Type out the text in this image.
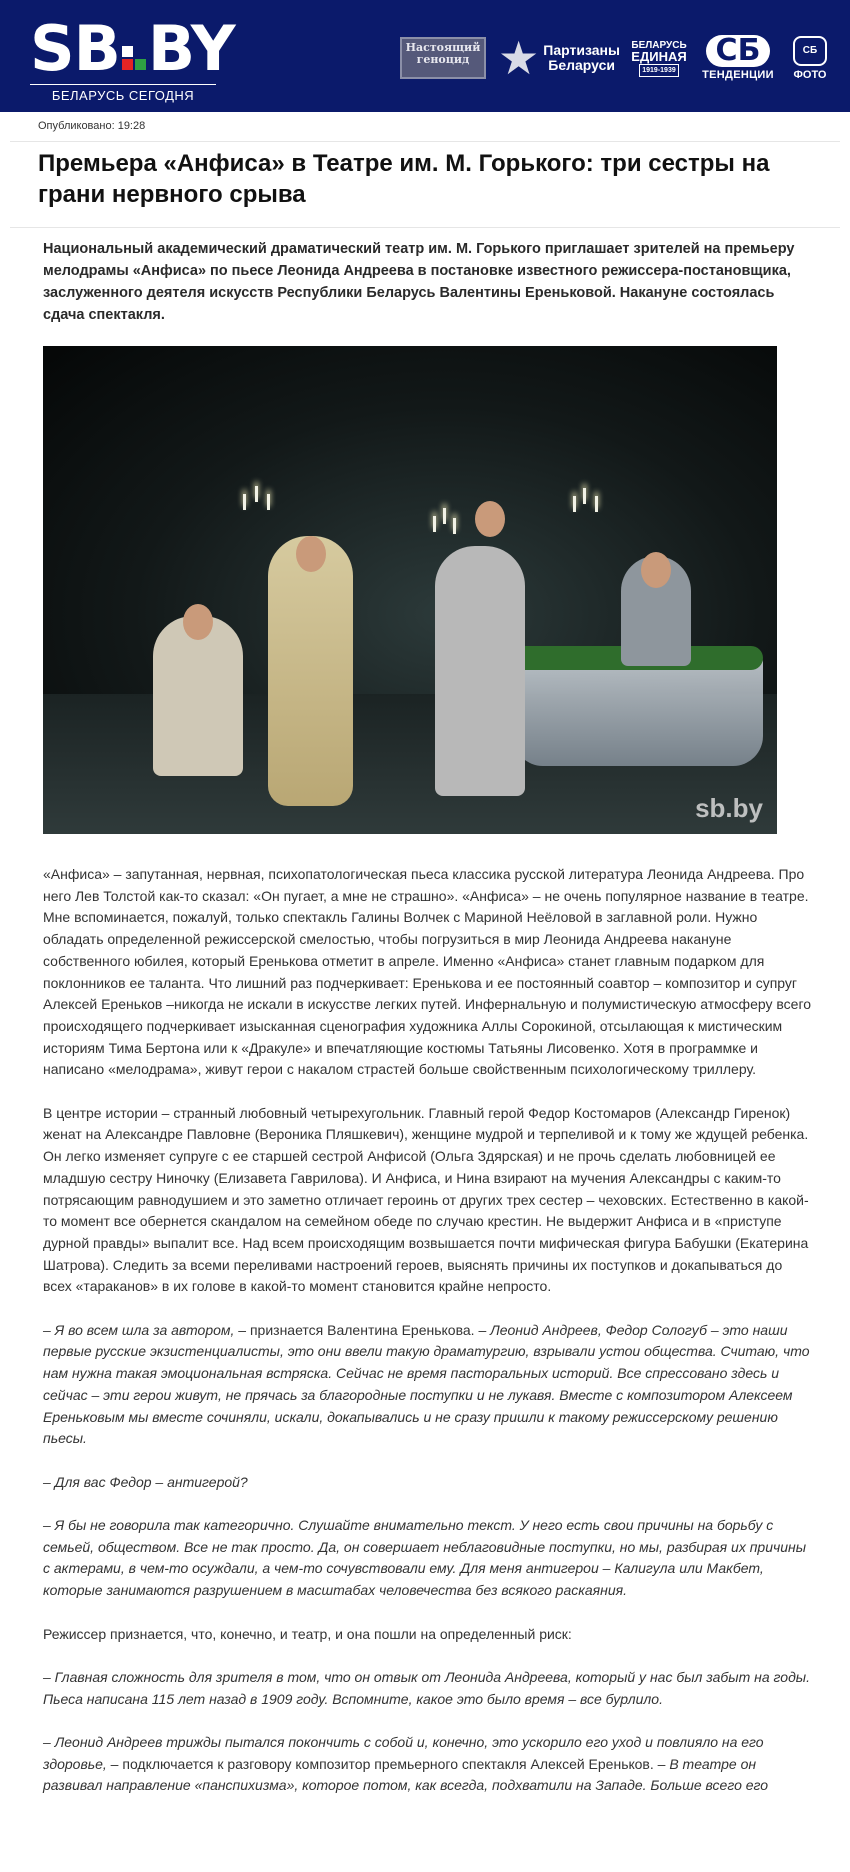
SB BY
БЕЛАРУСЬ СЕГОДНЯ
Настоящий геноцид ★ Партизаны Беларуси
БЕЛАРУСЬ
ЕДИНАЯ
1919-1939
СБ
ТЕНДЕНЦИИ
СБ
ФОТО
Опубликовано: 19:28
Премьера «Анфиса» в Театре им. М. Горького: три сестры на грани нервного срыва

Национальный академический драматический театр им. М. Горького приглашает зрителей на премьеру мелодрамы «Анфиса» по пьесе Леонида Андреева в постановке известного режиссера-постановщика, заслуженного деятеля искусств Республики Беларусь Валентины Ереньковой. Накануне состоялась сдача спектакля.

sb.by

«Анфиса» – запутанная, нервная, психопатологическая пьеса классика русской литература Леонида Андреева. Про него Лев Толстой как-то сказал: «Он пугает, а мне не страшно». «Анфиса» – не очень популярное название в театре. Мне вспоминается, пожалуй, только спектакль Галины Волчек с Мариной Неёловой в заглавной роли. Нужно обладать определенной режиссерской смелостью, чтобы погрузиться в мир Леонида Андреева накануне собственного юбилея, который Еренькова отметит в апреле. Именно «Анфиса» станет главным подарком для поклонников ее таланта. Что лишний раз подчеркивает: Еренькова и ее постоянный соавтор – композитор и супруг Алексей Еренькoв –никогда не искали в искусстве легких путей. Инфернальную и полумистическую атмосферу всего происходящего подчеркивает изысканная сценография художника Аллы Сорокиной, отсылающая к мистическим историям Тима Бертона или к «Дракуле» и впечатляющие костюмы Татьяны Лисовенко. Хотя в программке и написано «мелодрама», живут герои с накалом страстей больше свойственным психологическому триллеру.

В центре истории – странный любовный четырехугольник. Главный герой Федор Костомаров (Александр Гиренок) женат на Александре Павловне (Вероника Пляшкевич), женщине мудрой и терпеливой и к тому же ждущей ребенка. Он легко изменяет супруге с ее старшей сестрой Анфисой (Ольга Здярская) и не прочь сделать любовницей ее младшую сестру Ниночку (Елизавета Гаврилова). И Анфиса, и Нина взирают на мучения Александры с каким-то потрясающим равнодушием и это заметно отличает героинь от других трех сестер – чеховских. Естественно в какой-то момент все обернется скандалом на семейном обеде по случаю крестин. Не выдержит Анфиса и в «приступе дурной правды» выпалит все. Над всем происходящим возвышается почти мифическая фигура Бабушки (Екатерина Шатрова). Следить за всеми переливами настроений героев, выяснять причины их поступков и докапываться до всех «тараканов» в их голове в какой-то момент становится крайне непросто.

– Я во всем шла за автором, – признается Валентина Еренькова. – Леонид Андреев, Федор Сологуб – это наши первые русские экзистенциалисты, это они ввели такую драматургию, взрывали устои общества. Считаю, что нам нужна такая эмоциональная встряска. Сейчас не время пасторальных историй. Все спрессовано здесь и сейчас – эти герои живут, не прячась за благородные поступки и не лукавя. Вместе с композитором Алексеем Ереньковым мы вместе сочиняли, искали, докапывались и не сразу пришли к такому режиссерскому решению пьесы.

– Для вас Федор – антигерой?

– Я бы не говорила так категорично. Слушайте внимательно текст. У него есть свои причины на борьбу с семьей, обществом. Все не так просто. Да, он совершает неблаговидные поступки, но мы, разбирая их причины с актерами, в чем-то осуждали, а чем-то сочувствовали ему. Для меня антигерои – Калигула или Макбет, которые занимаются разрушением в масштабах человечества без всякого раскаяния.

Режиссер признается, что, конечно, и театр, и она пошли на определенный риск:

– Главная сложность для зрителя в том, что он отвык от Леонида Андреева, который у нас был забыт на годы. Пьеса написана 115 лет назад в 1909 году. Вспомните, какое это было время – все бурлило.

– Леонид Андреев трижды пытался покончить с собой и, конечно, это ускорило его уход и повлияло на его здоровье, – подключается к разговору композитор премьерного спектакля Алексей Еренькoв. – В театре он развивал направление «панспихизма», которое потом, как всегда, подхватили на Западе. Больше всего его
